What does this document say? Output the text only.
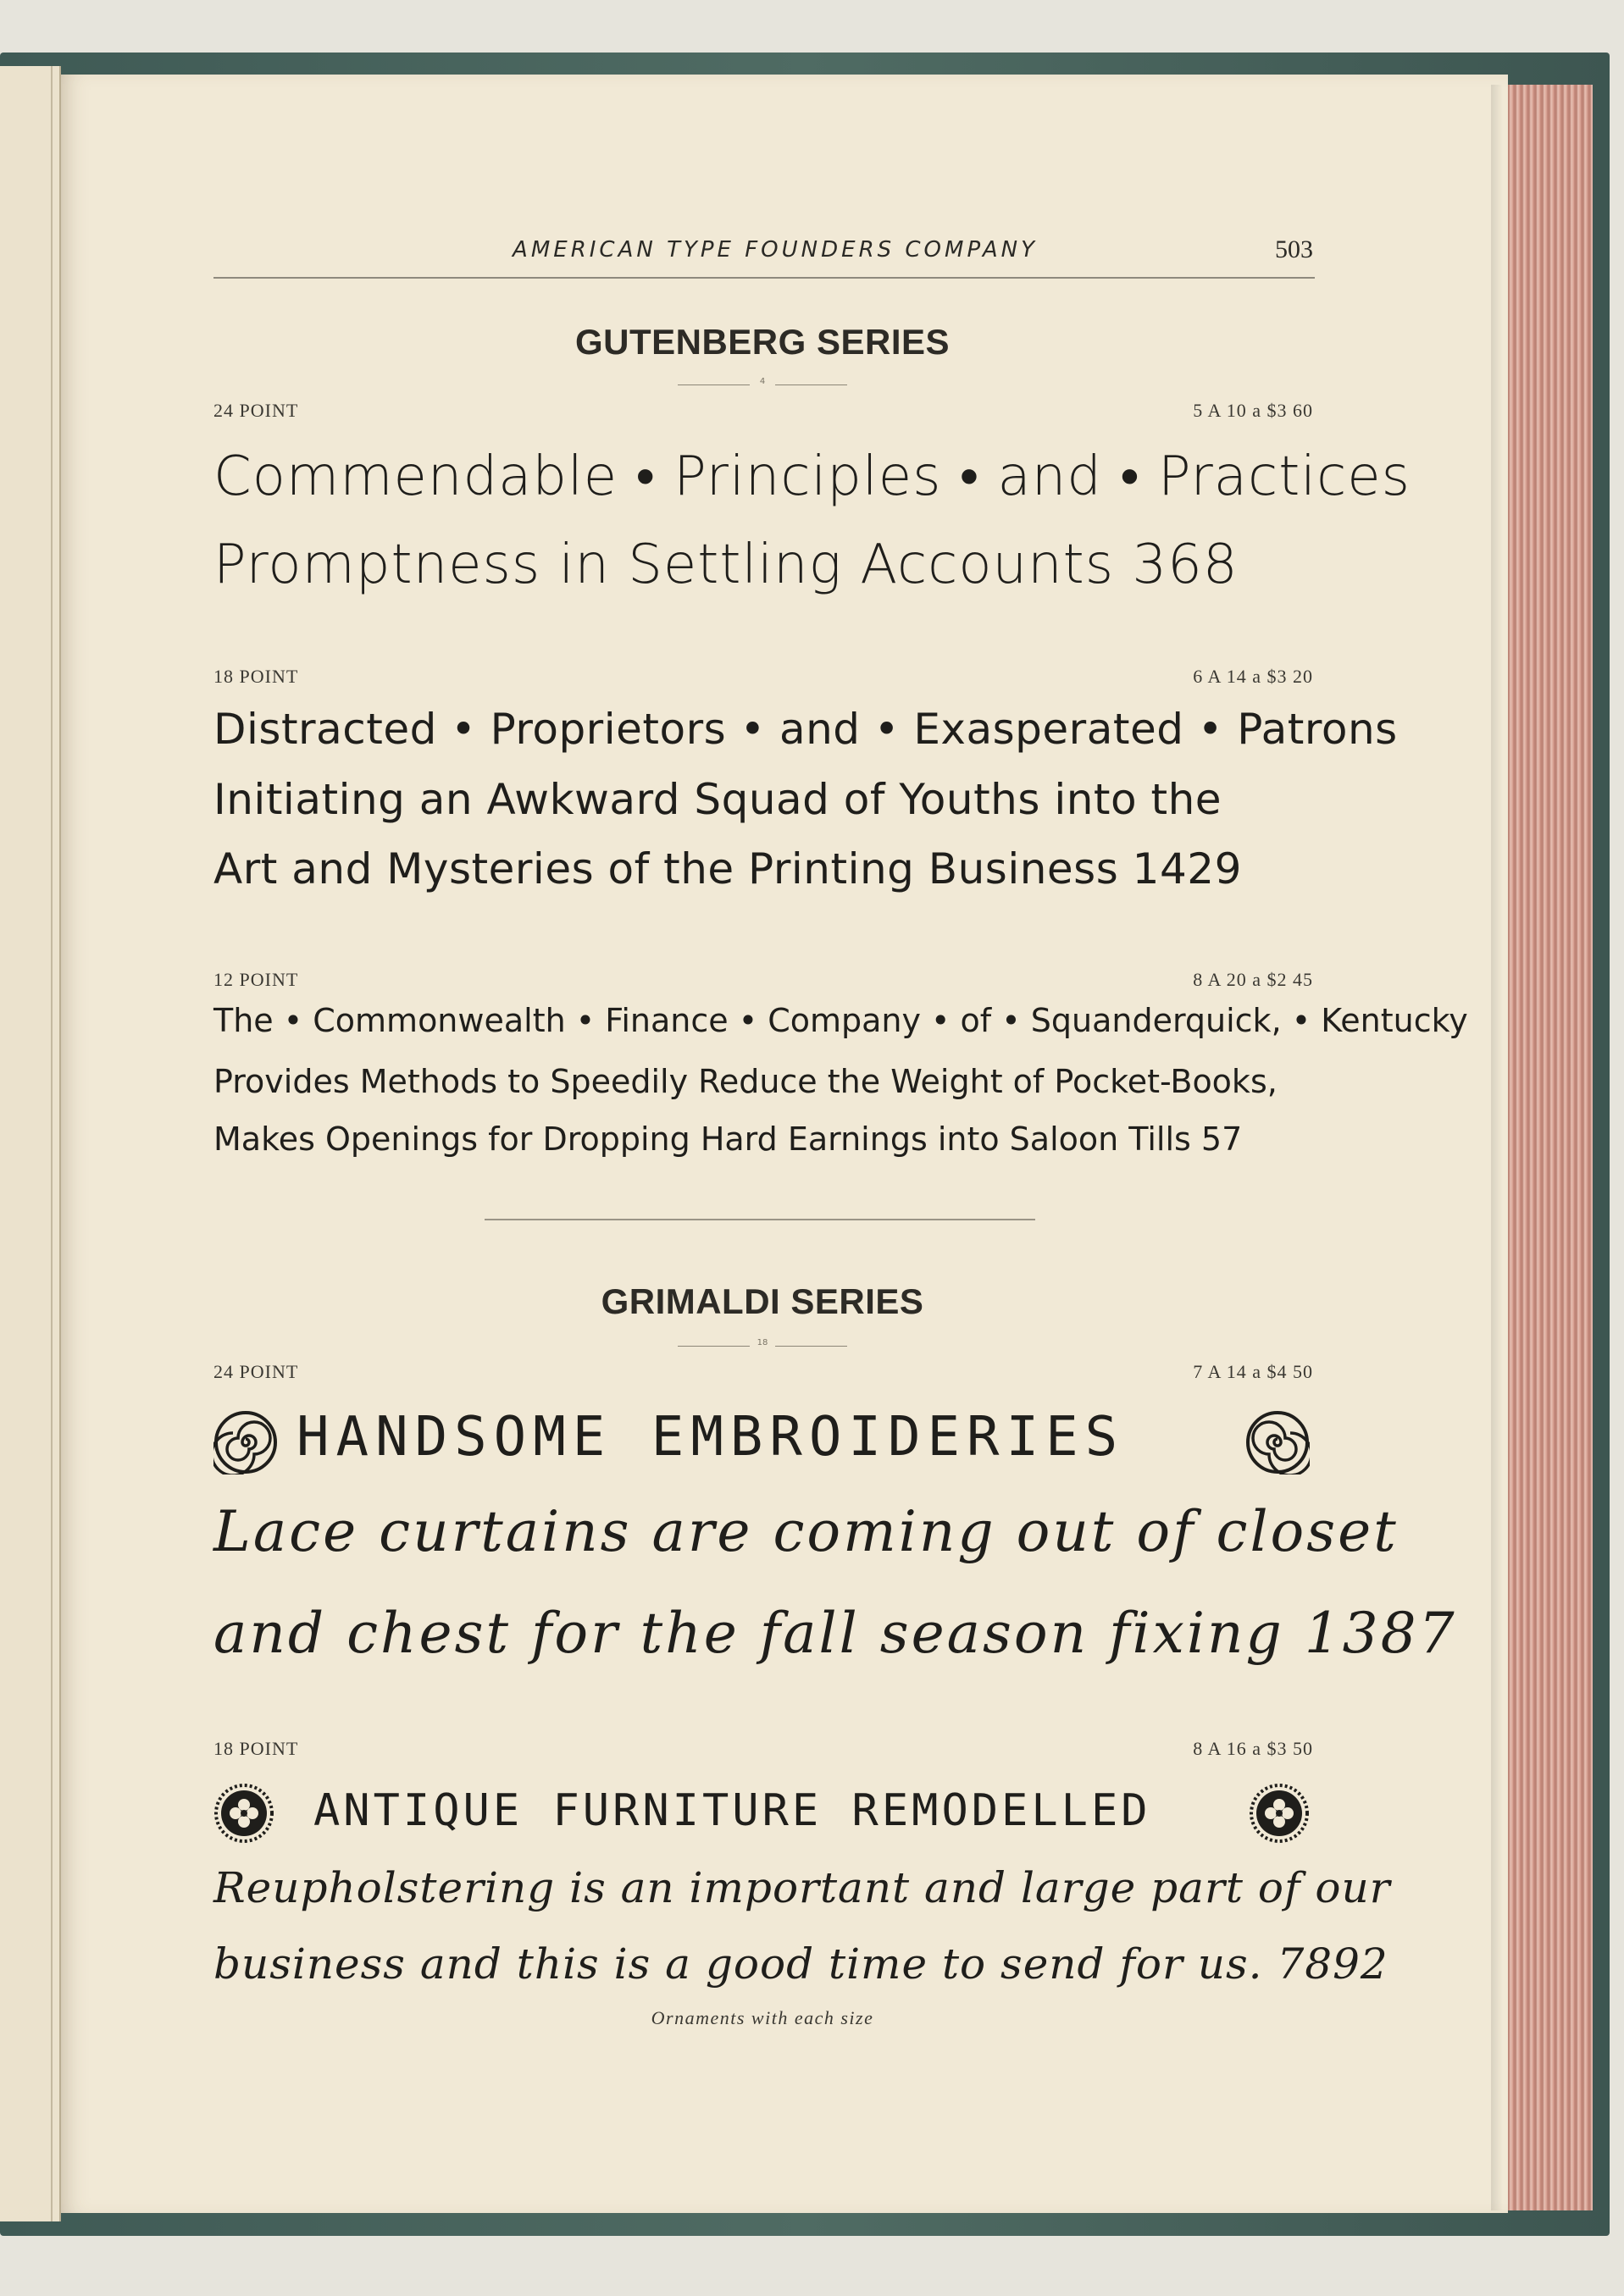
AMERICAN TYPE FOUNDERS COMPANY	503
GUTENBERG SERIES
4
24 POINT	5 A 10 a $3 60
Commendable • Principles • and • Practices
Promptness in Settling Accounts 368
18 POINT	6 A 14 a $3 20
Distracted • Proprietors • and • Exasperated • Patrons
Initiating an Awkward Squad of Youths into the
Art and Mysteries of the Printing Business 1429
12 POINT	8 A 20 a $2 45
The • Commonwealth • Finance • Company • of • Squanderquick, • Kentucky
Provides Methods to Speedily Reduce the Weight of Pocket-Books,
Makes Openings for Dropping Hard Earnings into Saloon Tills 57
GRIMALDI SERIES
18
24 POINT	7 A 14 a $4 50
HANDSOME EMBROIDERIES
Lace curtains are coming out of closet
and chest for the fall season fixing 1387
18 POINT	8 A 16 a $3 50
ANTIQUE FURNITURE REMODELLED
Reupholstering is an important and large part of our
business and this is a good time to send for us. 7892
Ornaments with each size
